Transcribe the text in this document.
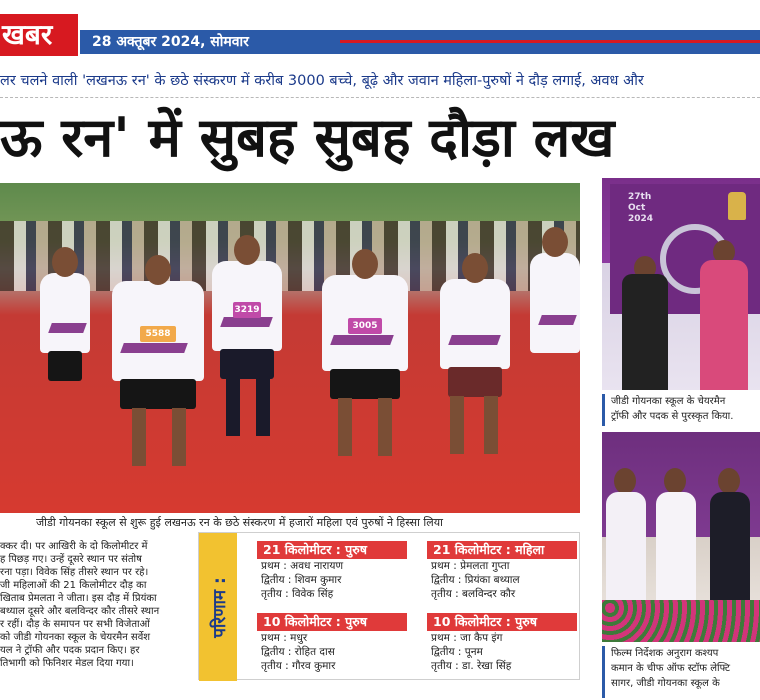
खबर	28 अक्तूबर 2024, सोमवार
लर चलने वाली 'लखनऊ रन' के छठे संस्करण में करीब 3000 बच्चे, बूढ़े और जवान महिला-पुरुषों ने दौड़ लगाई, अवध और
ऊ रन' में सुबह सुबह दौड़ा लख
5588
3219
3005
जीडी गोयनका स्कूल से शुरू हुई लखनऊ रन के छठे संस्करण में हजारों महिला एवं पुरुषों ने हिस्सा लिया
27th
Oct
2024
जीडी गोयनका स्कूल के चेयरमैन
ट्रॉफी और पदक से पुरस्कृत किया.
फिल्म निर्देशक अनुराग कश्यप
कमान के चीफ ऑफ स्टॉफ लेफ्टि
सागर, जीडी गोयनका स्कूल के
क्कर दी। पर आखिरी के दो किलोमीटर में
ह पिछड़ गए। उन्हें दूसरे स्थान पर संतोष
रना पड़ा। विवेक सिंह तीसरे स्थान पर रहे।
जी महिलाओं की 21 किलोमीटर दौड़ का
खिताब प्रेमलता ने जीता। इस दौड़ में प्रियंका
बथ्याल दूसरे और बलविन्दर कौर तीसरे स्थान
र रहीं। दौड़ के समापन पर सभी विजेताओं
को जीडी गोयनका स्कूल के चेयरमैन सर्वेश
यल ने ट्रॉफी और पदक प्रदान किए। हर
तिभागी को फिनिशर मेडल दिया गया।
परिणाम :
21 किलोमीटर : पुरुष
प्रथम : अवध नारायण
द्वितीय : शिवम कुमार
तृतीय : विवेक सिंह
21 किलोमीटर : महिला
प्रथम : प्रेमलता गुप्ता
द्वितीय : प्रियंका बथ्याल
तृतीय : बलविन्दर कौर
10 किलोमीटर : पुरुष
प्रथम : मधुर
द्वितीय : रोहित दास
तृतीय : गौरव कुमार
10 किलोमीटर : पुरुष
प्रथम : जा कैप इंग
द्वितीय : पूनम
तृतीय : डा. रेखा सिंह
